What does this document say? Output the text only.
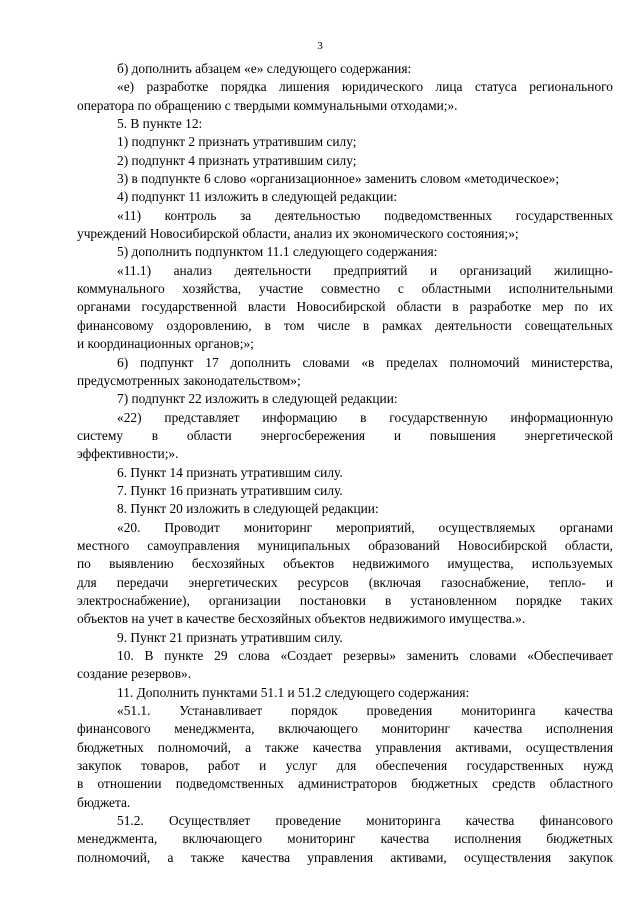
3
б) дополнить абзацем «е» следующего содержания:
«е) разработке порядка лишения юридического лица статуса регионального
оператора по обращению с твердыми коммунальными отходами;».
5. В пункте 12:
1) подпункт 2 признать утратившим силу;
2) подпункт 4 признать утратившим силу;
3) в подпункте 6 слово «организационное» заменить словом «методическое»;
4) подпункт 11 изложить в следующей редакции:
«11) контроль за деятельностью подведомственных государственных
учреждений Новосибирской области, анализ их экономического состояния;»;
5) дополнить подпунктом 11.1 следующего содержания:
«11.1) анализ деятельности предприятий и организаций жилищно-
коммунального хозяйства, участие совместно с областными исполнительными
органами государственной власти Новосибирской области в разработке мер по их
финансовому оздоровлению, в том числе в рамках деятельности совещательных
и координационных органов;»;
6) подпункт 17 дополнить словами «в пределах полномочий министерства,
предусмотренных законодательством»;
7) подпункт 22 изложить в следующей редакции:
«22) представляет информацию в государственную информационную
систему в области энергосбережения и повышения энергетической
эффективности;».
6. Пункт 14 признать утратившим силу.
7. Пункт 16 признать утратившим силу.
8. Пункт 20 изложить в следующей редакции:
«20. Проводит мониторинг мероприятий, осуществляемых органами
местного самоуправления муниципальных образований Новосибирской области,
по выявлению бесхозяйных объектов недвижимого имущества, используемых
для передачи энергетических ресурсов (включая газоснабжение, тепло- и
электроснабжение), организации постановки в установленном порядке таких
объектов на учет в качестве бесхозяйных объектов недвижимого имущества.».
9. Пункт 21 признать утратившим силу.
10. В пункте 29 слова «Создает резервы» заменить словами «Обеспечивает
создание резервов».
11. Дополнить пунктами 51.1 и 51.2 следующего содержания:
«51.1. Устанавливает порядок проведения мониторинга качества
финансового менеджмента, включающего мониторинг качества исполнения
бюджетных полномочий, а также качества управления активами, осуществления
закупок товаров, работ и услуг для обеспечения государственных нужд
в отношении подведомственных администраторов бюджетных средств областного
бюджета.
51.2. Осуществляет проведение мониторинга качества финансового
менеджмента, включающего мониторинг качества исполнения бюджетных
полномочий, а также качества управления активами, осуществления закупок
